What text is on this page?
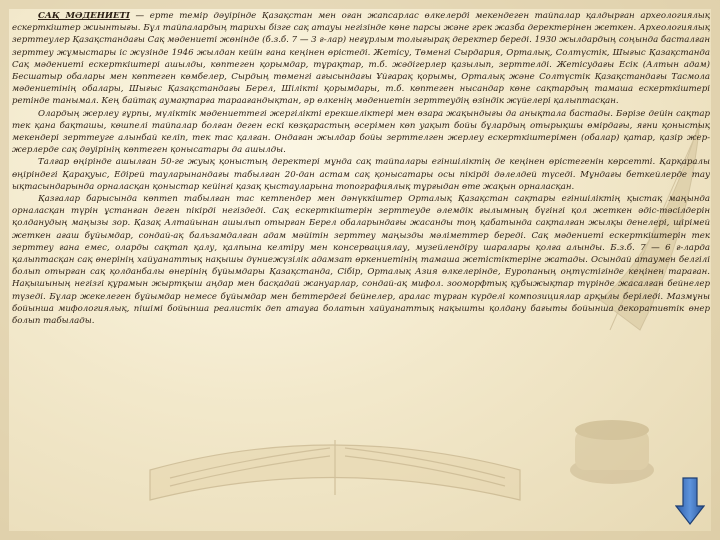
САҚ МӘДЕНИЕТІ — ерте темір дәуірінде Қазақстан мен оған жапсарлас өлкелерді мекендеген тайпалар қалдырған археологиялық ескерткіштер жиынтығы. Бұл тайпалардың тарихы бізге сақ атауы негізінде көне парсы және грек жазба деректерінен жеткен. Археологиялық зерттеулер Қазақстандағы Сақ мәдениеті жөнінде (б.з.б. 7 — 3 ғ-лар) неғұрлым толығырақ деректер береді. 1930 жылдардың соңында басталған зерттеу жұмыстары іс жүзінде 1946 жылдан кейін ғана кеңінен өрістеді. Жетісу, Төменгі Сырдария, Орталық, Солтүстік, Шығыс Қазақстанда Сақ мәдениеті ескерткіштері ашылды, көптеген қорымдар, тұрақтар, т.б. жәдігерлер қазылып, зерттелді. Жетісудағы Есік (Алтын адам) Бесшатыр обалары мен көптеген көмбелер, Сырдың төменгі ағысындағы Ұйғарақ қорымы, Орталық және Солтүстік Қазақстандағы Тасмола мәдениетінің обалары, Шығыс Қазақстандағы Берел, Шілікті қорымдары, т.б. көптеген нысандар көне сақтардың тамаша ескерткіштері ретінде танымал. Кең байтақ аумақтарға тараағандықтан, әр өлкенің мәдениетін зерттеудің өзіндік жүйелері қалыптасқан.

Олардың жерлеу ғұрпы, мүліктік мәдениеттегі жергілікті ерекшеліктері мен өзара жақындығы да анықтала бастады. Бәрізе дейін сақтар тек қана бақташы, көшпелі тайпалар болған деген ескі көзқарастың әсерімен көп уақыт бойы бұлардың отырықшы өмірдағы, яғни қоныстық мекендері зерттеуге алынбай келіп, тек тас қалған. Ондаған жылдар бойы зерттелген жерлеу ескерткіштерімен (обалар) қатар, қазір жер-жерлерде сақ дәуірінің көптеген қонысатары да ашылды.

Талғар өңірінде ашылған 50-ге жуық қоныстың деректері мұнда сақ тайпалары егіншіліктің де кеңінен өрістегенін көрсетті. Қарқаралы өңіріндегі Қарақуыс, Едірей тауларынандағы табылған 20-дан астам сақ қонысатары осы пікірді дәлелдей түседі. Мұндағы беткейлерде тау ықтасындарында орналасқан қоныстар кейінгі қазақ қыстауларына топографиялық тұрғыдан өте жақын орналасқан.

Қазғалар барысында көптеп табылған тас кетпендер мен дәнүккіштер Орталық Қазақстан сақтары егіншіліктің қыстақ маңында орналасқан түрін ұстанған деген пікірді негіздеді. Сақ ескерткіштерін зерттеуде әлемдік ғылымның бүгінгі қол жеткен әдіс-тәсілдерін қолданудың маңызы зор. Қазақ Алтайынан ашылып отырған Берел обаларындағы жасанды тоң қабатында сақталған жылқы денелері, шірімей жеткен ағаш бұйымдар, сондай-ақ бальзамдалған адам мәйітін зерттеу маңызды мәліметтер береді. Сақ мәдениеті ескерткіштерін тек зерттеу ғана емес, оларды сақтап қалу, қалпына келтіру мен консервациялау, музейлендіру шаралары қолға алынды. Б.з.б. 7 — 6 ғ-ларда қалыптасқан сақ өнерінің хайуанаттық нақышы дүниежүзілік адамзат өркениетінің тамаша жетістіктеріне жатады. Осындай атаумен белгілі болып отырған сақ қолданбалы өнерінің бұйымдары Қазақстанда, Сібір, Орталық Азия өлкелерінде, Еуропаның оңтүстігінде кеңінен тараған. Нақышының негізгі құрамын жыртқыш аңдар мен басқадай жануарлар, сондай-ақ мифол. зооморфтық құбыжықтар түрінде жасалған бейнелер түзеді. Бұлар жекелеген бұйымдар немесе бұйымдар мен беттердегі бейнелер, аралас тұрған күрделі композициялар арқылы беріледі. Мазмұны бойынша мифологиялық, пішімі бойынша реалистік деп атауға болатын хайуанаттық нақышты қолдану бағыты бойынша декоративтік өнер болып табылады.
